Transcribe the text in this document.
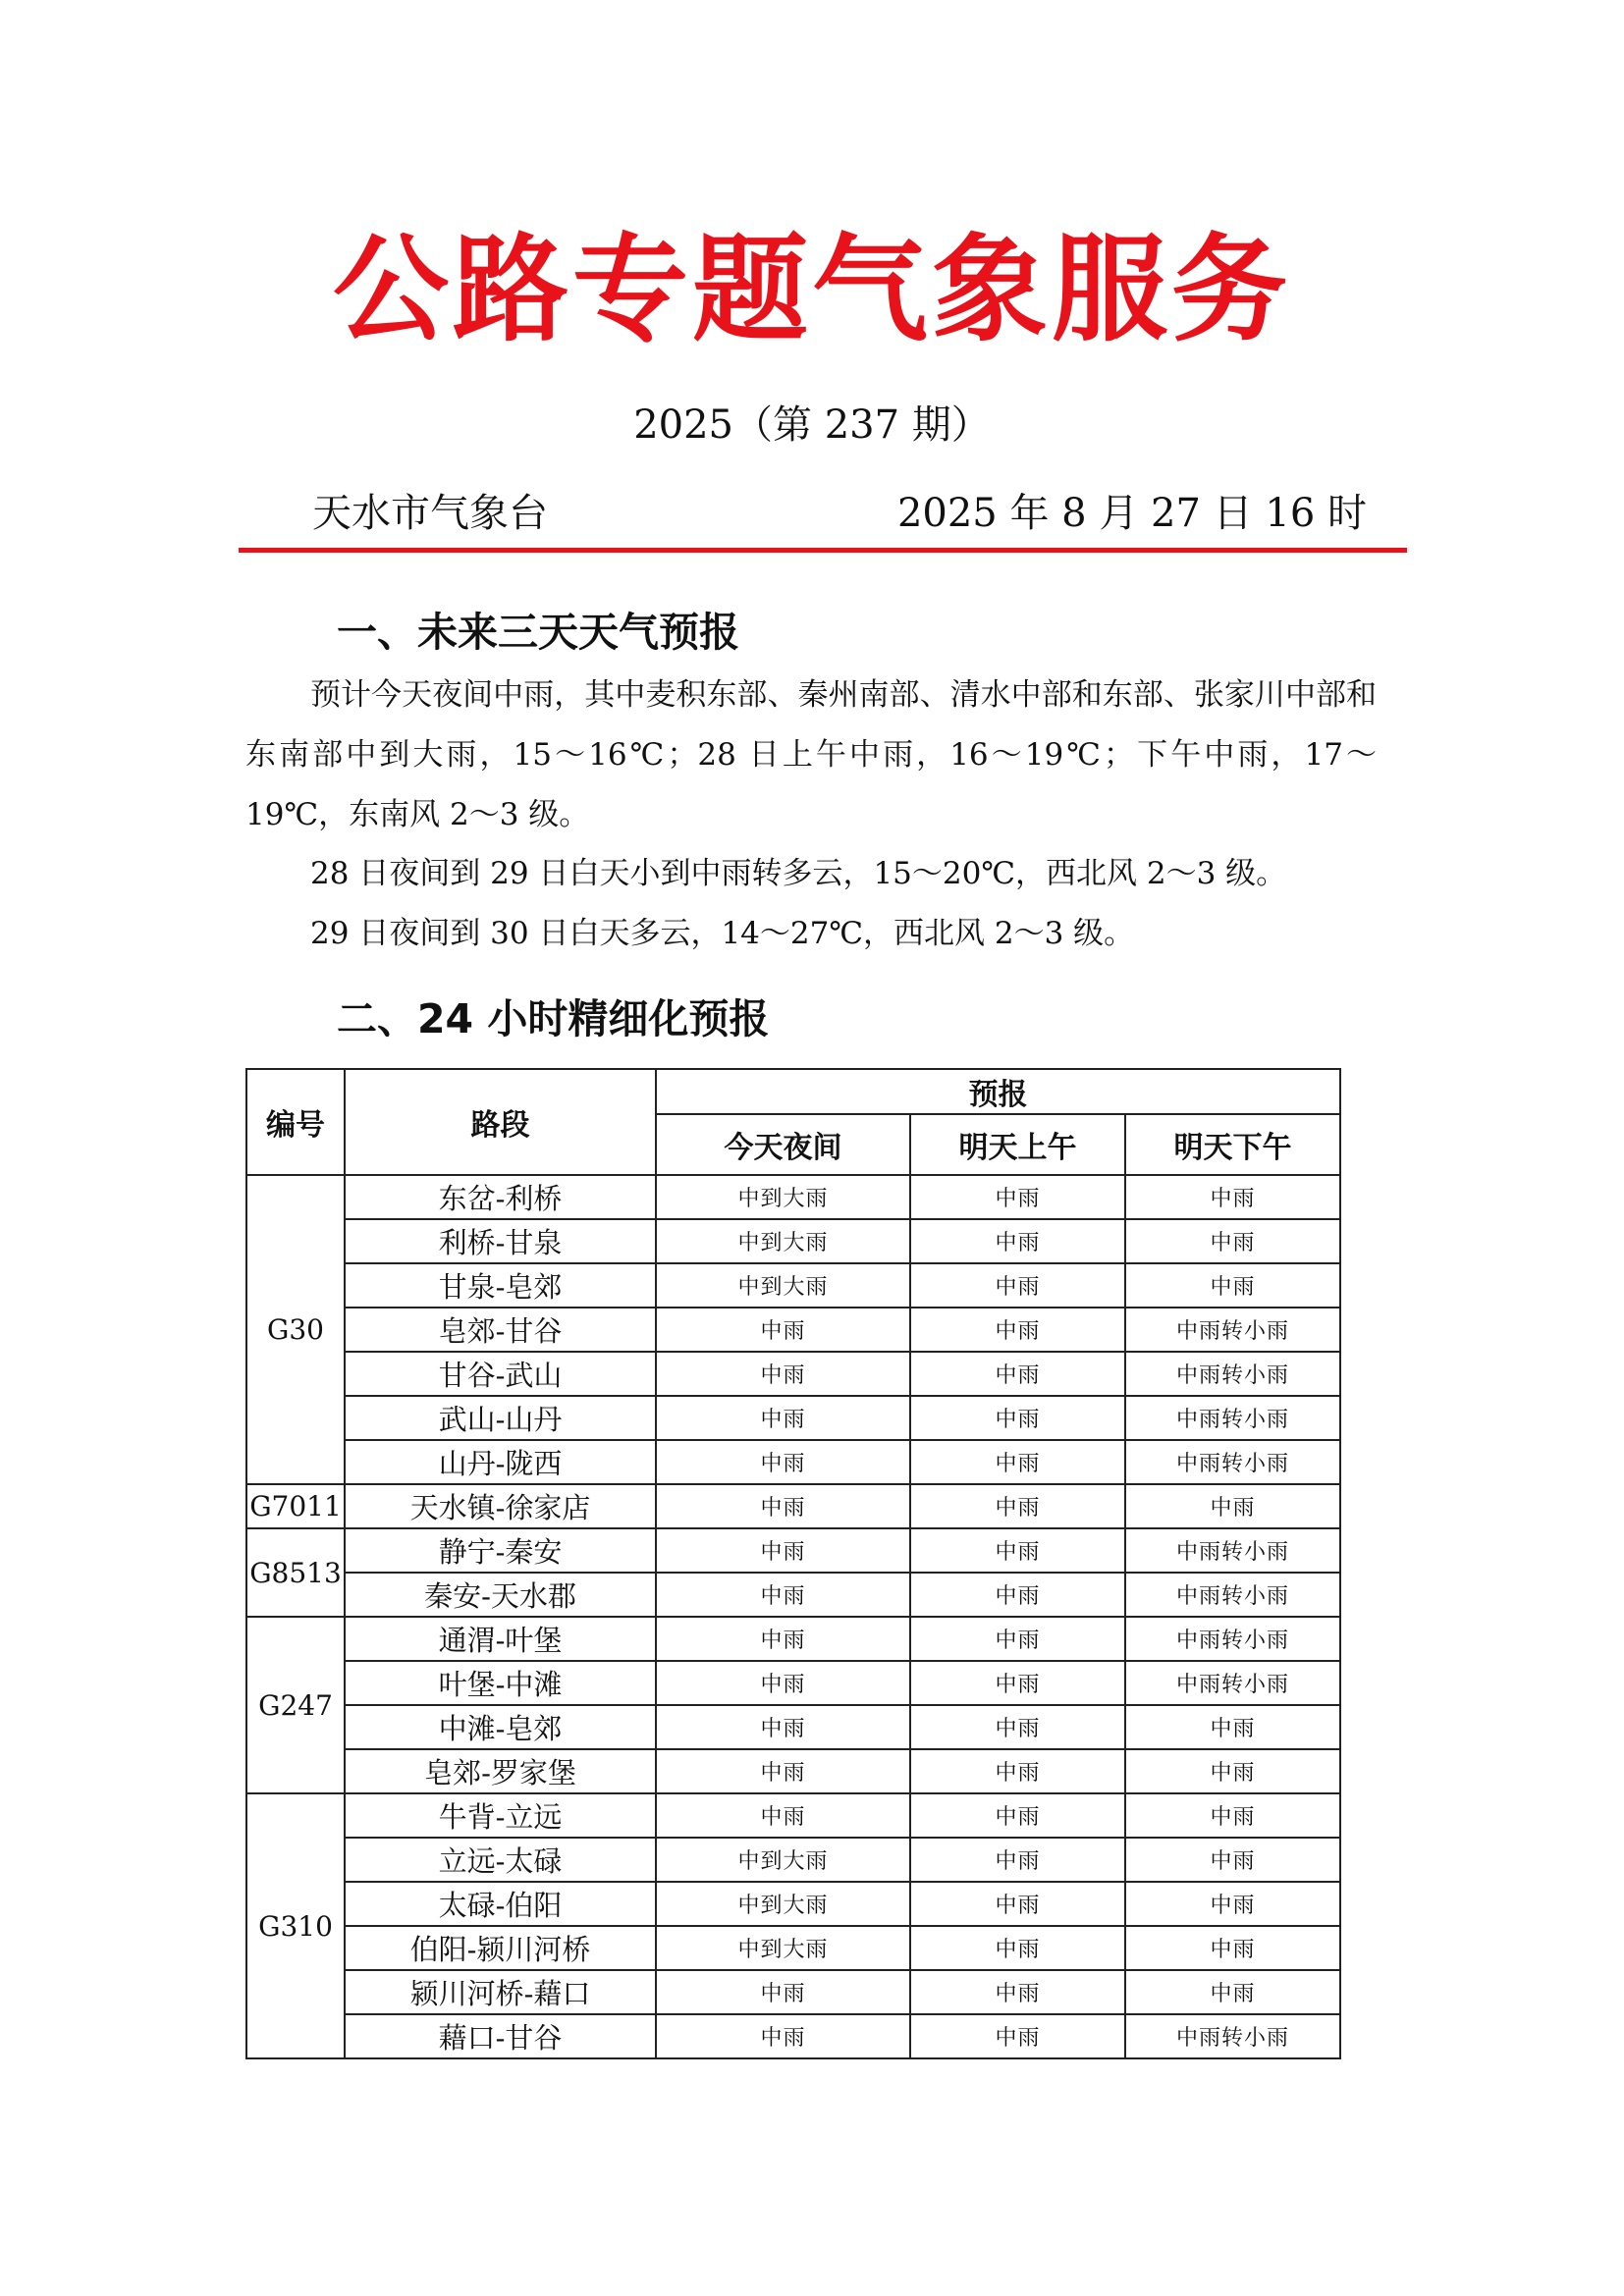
公路专题气象服务
2025（第 237 期）
天水市气象台	2025 年 8 月 27 日 16 时
一、未来三天天气预报
预计今天夜间中雨，其中麦积东部、秦州南部、清水中部和东部、张家川中部和东南部中到大雨，15～16℃；28 日上午中雨，16～19℃；下午中雨，17～19℃，东南风 2～3 级。
28 日夜间到 29 日白天小到中雨转多云，15～20℃，西北风 2～3 级。
29 日夜间到 30 日白天多云，14～27℃，西北风 2～3 级。
二、24 小时精细化预报
编号	路段	预报		
		今天夜间	明天上午	明天下午
G30	东岔-利桥	中到大雨	中雨	中雨
	利桥-甘泉	中到大雨	中雨	中雨
	甘泉-皂郊	中到大雨	中雨	中雨
	皂郊-甘谷	中雨	中雨	中雨转小雨
	甘谷-武山	中雨	中雨	中雨转小雨
	武山-山丹	中雨	中雨	中雨转小雨
	山丹-陇西	中雨	中雨	中雨转小雨
G7011	天水镇-徐家店	中雨	中雨	中雨
G8513	静宁-秦安	中雨	中雨	中雨转小雨
	秦安-天水郡	中雨	中雨	中雨转小雨
G247	通渭-叶堡	中雨	中雨	中雨转小雨
	叶堡-中滩	中雨	中雨	中雨转小雨
	中滩-皂郊	中雨	中雨	中雨
	皂郊-罗家堡	中雨	中雨	中雨
G310	牛背-立远	中雨	中雨	中雨
	立远-太碌	中到大雨	中雨	中雨
	太碌-伯阳	中到大雨	中雨	中雨
	伯阳-颍川河桥	中到大雨	中雨	中雨
	颍川河桥-藉口	中雨	中雨	中雨
	藉口-甘谷	中雨	中雨	中雨转小雨
